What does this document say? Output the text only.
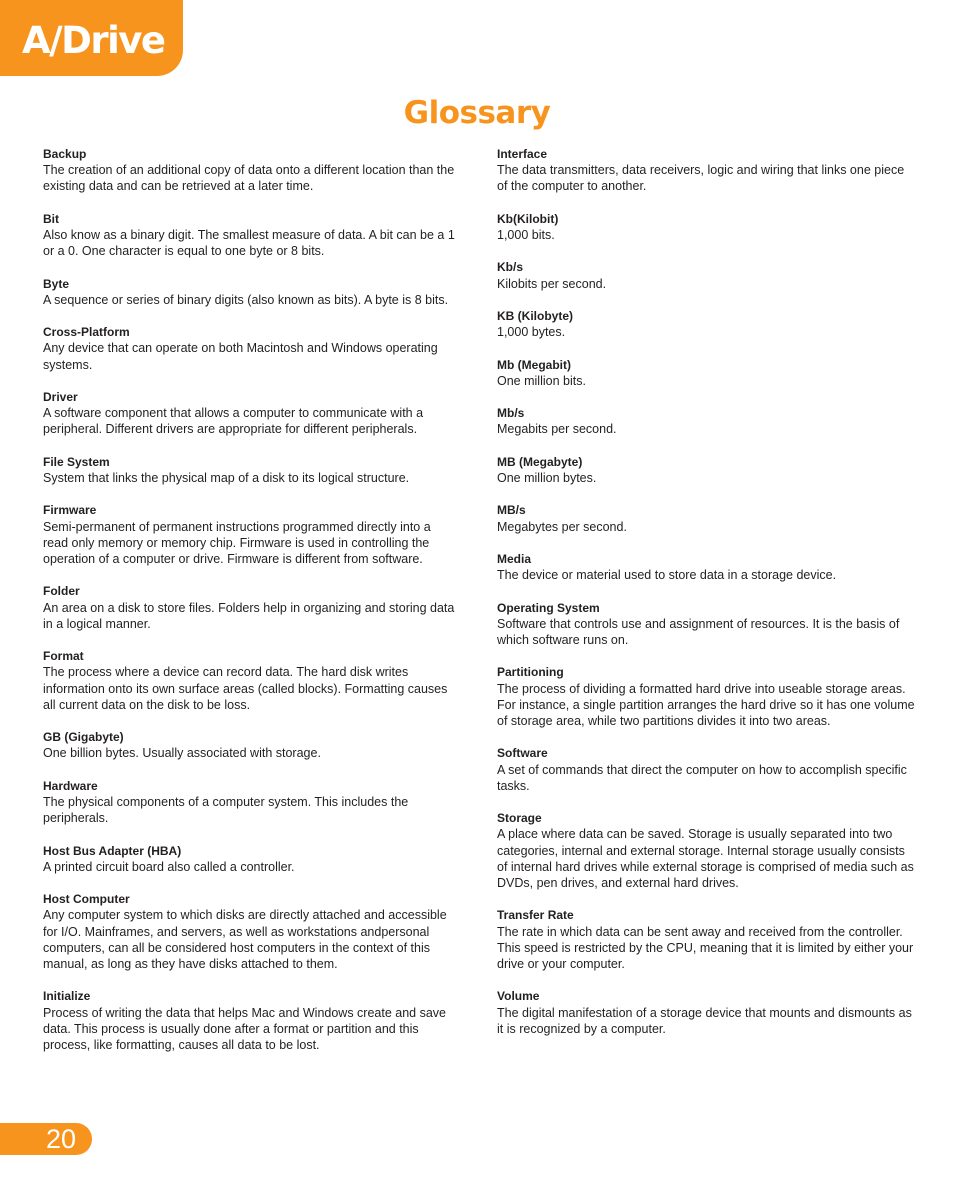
A/Drive
Glossary
Backup
The creation of an additional copy of data onto a different location than the existing data and can be retrieved at a later time.
Bit
Also know as a binary digit. The smallest measure of data. A bit can be a 1 or a 0. One character is equal to one byte or 8 bits.
Byte
A sequence or series of binary digits (also known as bits). A byte is 8 bits.
Cross-Platform
Any device that can operate on both Macintosh and Windows operating systems.
Driver
A software component that allows a computer to communicate with a peripheral. Different drivers are appropriate for different peripherals.
File System
System that links the physical map of a disk to its logical structure.
Firmware
Semi-permanent of permanent instructions programmed directly into a read only memory or memory chip. Firmware is used in controlling the operation of a computer or drive. Firmware is different from software.
Folder
An area on a disk to store files. Folders help in organizing and storing data in a logical manner.
Format
The process where a device can record data. The hard disk writes information onto its own surface areas (called blocks). Formatting causes all current data on the disk to be loss.
GB (Gigabyte)
One billion bytes. Usually associated with storage.
Hardware
The physical components of a computer system. This includes the peripherals.
Host Bus Adapter (HBA)
A printed circuit board also called a controller.
Host Computer
Any computer system to which disks are directly attached and accessible for I/O. Mainframes, and servers, as well as workstations andpersonal computers, can all be considered host computers in the context of this manual, as long as they have disks attached to them.
Initialize
Process of writing the data that helps Mac and Windows create and save data. This process is usually done after a format or partition and this process, like formatting, causes all data to be lost.
Interface
The data transmitters, data receivers, logic and wiring that links one piece of the computer to another.
Kb(Kilobit)
1,000 bits.
Kb/s
Kilobits per second.
KB (Kilobyte)
1,000 bytes.
Mb (Megabit)
One million bits.
Mb/s
Megabits per second.
MB (Megabyte)
One million bytes.
MB/s
Megabytes per second.
Media
The device or material used to store data in a storage device.
Operating System
Software that controls use and assignment of resources. It is the basis of which software runs on.
Partitioning
The process of dividing a formatted hard drive into useable storage areas. For instance, a single partition arranges the hard drive so it has one volume of storage area, while two partitions divides it into two areas.
Software
A set of commands that direct the computer on how to accomplish specific tasks.
Storage
A place where data can be saved. Storage is usually separated into two categories, internal and external storage. Internal storage usually consists of internal hard drives while external storage is comprised of media such as DVDs, pen drives, and external hard drives.
Transfer Rate
The rate in which data can be sent away and received from the controller. This speed is restricted by the CPU, meaning that it is limited by either your drive or your computer.
Volume
The digital manifestation of a storage device that mounts and dismounts as it is recognized by a computer.
20
